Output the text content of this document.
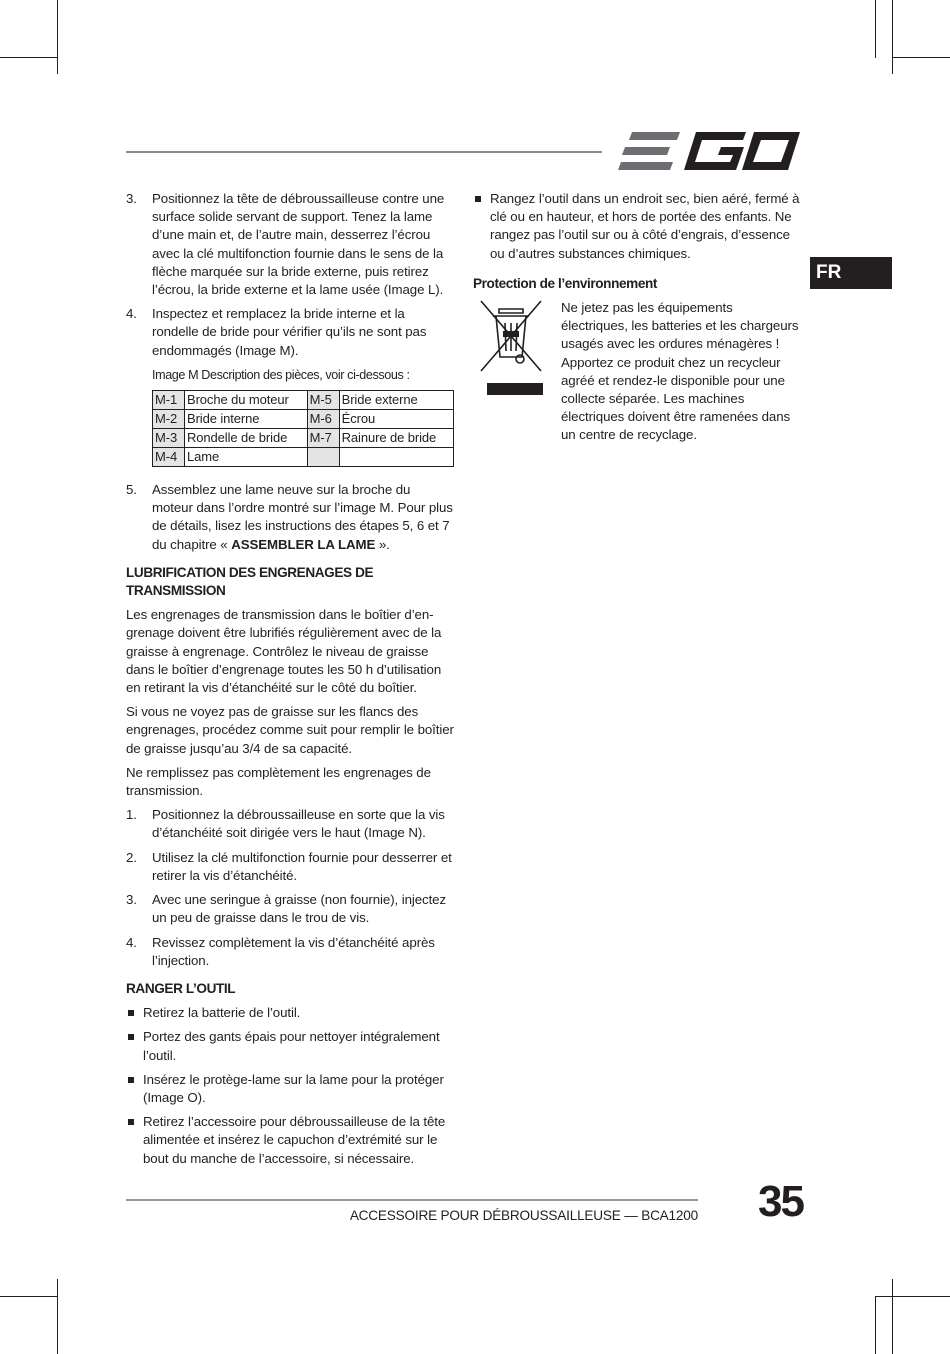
FR
3. Positionnez la tête de débroussailleuse contre une surface solide servant de support. Tenez la lame d’une main et, de l’autre main, desserrez l’écrou avec la clé multifonction fournie dans le sens de la flèche marquée sur la bride externe, puis retirez l’écrou, la bride externe et la lame usée (Image L).
4. Inspectez et remplacez la bride interne et la rondelle de bride pour vérifier qu’ils ne sont pas endommagés (Image M).

Image M Description des pièces, voir ci-dessous :

M-1	Broche du moteur	M-5	Bride externe
M-2	Bride interne	M-6	Écrou
M-3	Rondelle de bride	M-7	Rainure de bride
M-4	Lame		
5. Assemblez une lame neuve sur la broche du moteur dans l’ordre montré sur l’image M. Pour plus de détails, lisez les instructions des étapes 5, 6 et 7 du chapitre « ASSEMBLER LA LAME ».
LUBRIFICATION DES ENGRENAGES DE TRANSMISSION

Les engrenages de transmission dans le boîtier d’en-grenage doivent être lubrifiés régulièrement avec de la graisse à engrenage. Contrôlez le niveau de graisse dans le boîtier d’engrenage toutes les 50 h d’utilisation en retirant la vis d’étanchéité sur le côté du boîtier.

Si vous ne voyez pas de graisse sur les flancs des engrenages, procédez comme suit pour remplir le boîtier de graisse jusqu’au 3/4 de sa capacité.

Ne remplissez pas complètement les engrenages de transmission.

1. Positionnez la débroussailleuse en sorte que la vis d’étanchéité soit dirigée vers le haut (Image N).
2. Utilisez la clé multifonction fournie pour desserrer et retirer la vis d’étanchéité.
3. Avec une seringue à graisse (non fournie), injectez un peu de graisse dans le trou de vis.
4. Revissez complètement la vis d’étanchéité après l’injection.
RANGER L’OUTIL
Retirez la batterie de l’outil.
Portez des gants épais pour nettoyer intégralement l’outil.
Insérez le protège-lame sur la lame pour la protéger (Image O).
Retirez l’accessoire pour débroussailleuse de la tête alimentée et insérez le capuchon d’extrémité sur le bout du manche de l’accessoire, si nécessaire.
Rangez l’outil dans un endroit sec, bien aéré, fermé à clé ou en hauteur, et hors de portée des enfants. Ne rangez pas l’outil sur ou à côté d’engrais, d’essence ou d’autres substances chimiques.
Protection de l’environnement
Ne jetez pas les équipements électriques, les batteries et les chargeurs usagés avec les ordures ménagères ! Apportez ce produit chez un recycleur agréé et rendez-le disponible pour une collecte séparée. Les machines électriques doivent être ramenées dans un centre de recyclage.
ACCESSOIRE POUR DÉBROUSSAILLEUSE — BCA1200 35
